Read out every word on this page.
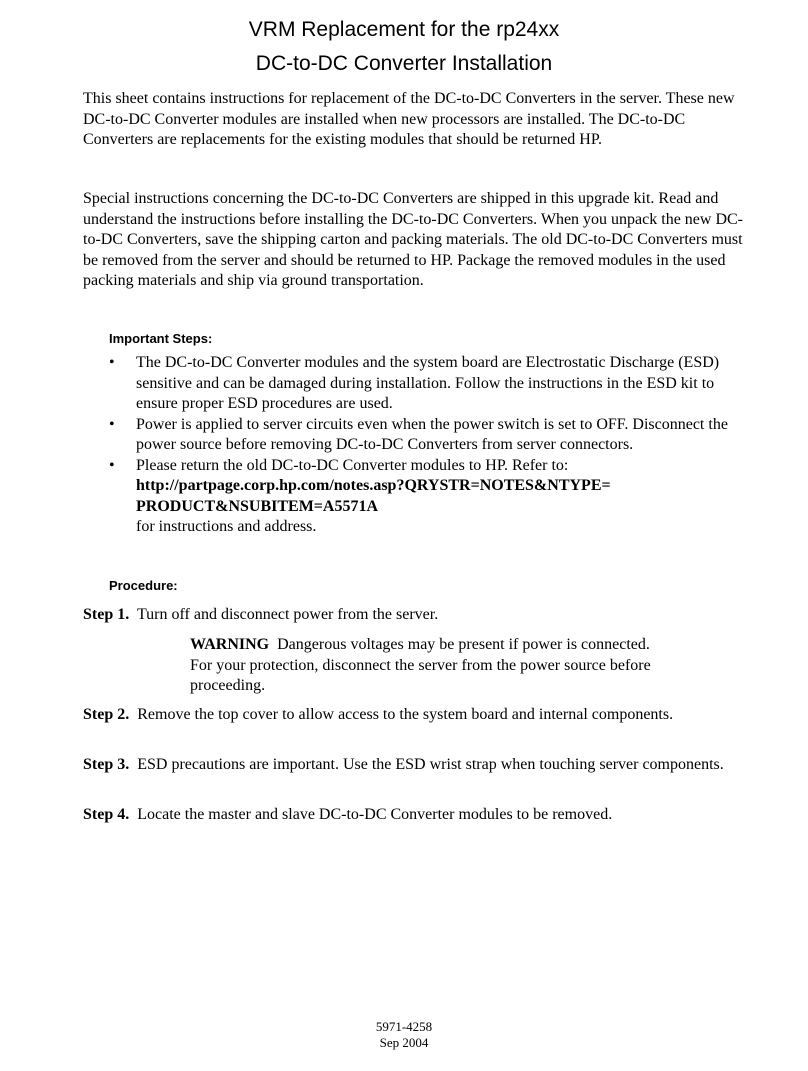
VRM Replacement for the rp24xx
DC-to-DC Converter Installation

This sheet contains instructions for replacement of the DC-to-DC Converters in the server. These new DC-to-DC Converter modules are installed when new processors are installed. The DC-to-DC Converters are replacements for the existing modules that should be returned HP.

Special instructions concerning the DC-to-DC Converters are shipped in this upgrade kit. Read and understand the instructions before installing the DC-to-DC Converters. When you unpack the new DC-to-DC Converters, save the shipping carton and packing materials. The old DC-to-DC Converters must be removed from the server and should be returned to HP. Package the removed modules in the used packing materials and ship via ground transportation.

Important Steps:

• The DC-to-DC Converter modules and the system board are Electrostatic Discharge (ESD) sensitive and can be damaged during installation. Follow the instructions in the ESD kit to ensure proper ESD procedures are used.
• Power is applied to server circuits even when the power switch is set to OFF. Disconnect the power source before removing DC-to-DC Converters from server connectors.
• Please return the old DC-to-DC Converter modules to HP. Refer to:
http://partpage.corp.hp.com/notes.asp?QRYSTR=NOTES&NTYPE=
PRODUCT&NSUBITEM=A5571A
for instructions and address.

Procedure:

Step 1. Turn off and disconnect power from the server.

WARNING Dangerous voltages may be present if power is connected. For your protection, disconnect the server from the power source before proceeding.

Step 2. Remove the top cover to allow access to the system board and internal components.

Step 3. ESD precautions are important. Use the ESD wrist strap when touching server components.

Step 4. Locate the master and slave DC-to-DC Converter modules to be removed.

5971-4258
Sep 2004
